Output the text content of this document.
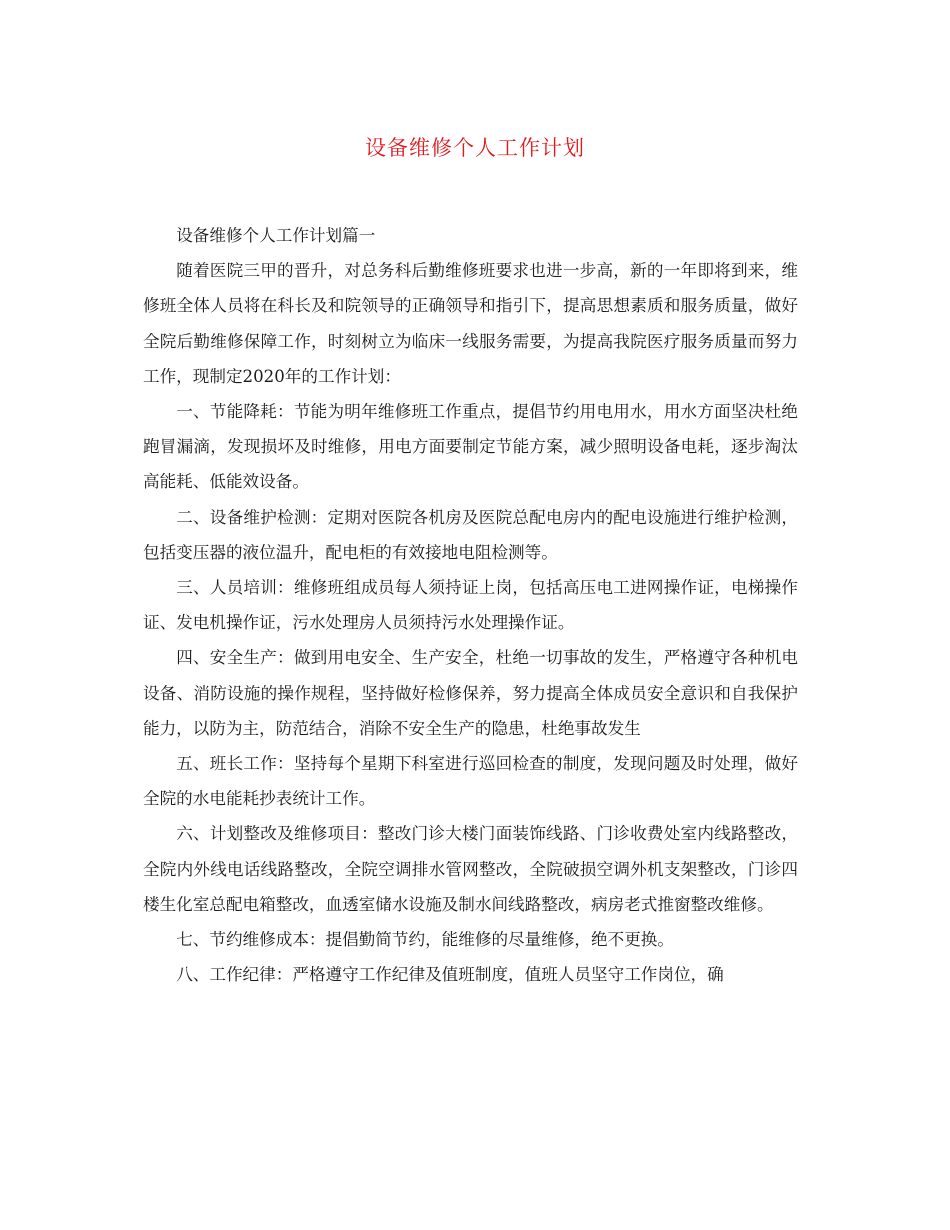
设备维修个人工作计划

设备维修个人工作计划篇一

随着医院三甲的晋升，对总务科后勤维修班要求也进一步高，新的一年即将到来，维修班全体人员将在科长及和院领导的正确领导和指引下，提高思想素质和服务质量，做好全院后勤维修保障工作，时刻树立为临床一线服务需要，为提高我院医疗服务质量而努力工作，现制定2020年的工作计划：

一、节能降耗：节能为明年维修班工作重点，提倡节约用电用水，用水方面坚决杜绝跑冒漏滴，发现损坏及时维修，用电方面要制定节能方案，减少照明设备电耗，逐步淘汰高能耗、低能效设备。

二、设备维护检测：定期对医院各机房及医院总配电房内的配电设施进行维护检测，包括变压器的液位温升，配电柜的有效接地电阻检测等。

三、人员培训：维修班组成员每人须持证上岗，包括高压电工进网操作证，电梯操作证、发电机操作证，污水处理房人员须持污水处理操作证。

四、安全生产：做到用电安全、生产安全，杜绝一切事故的发生，严格遵守各种机电设备、消防设施的操作规程，坚持做好检修保养，努力提高全体成员安全意识和自我保护能力，以防为主，防范结合，消除不安全生产的隐患，杜绝事故发生

五、班长工作：坚持每个星期下科室进行巡回检查的制度，发现问题及时处理，做好全院的水电能耗抄表统计工作。

六、计划整改及维修项目：整改门诊大楼门面装饰线路、门诊收费处室内线路整改，全院内外线电话线路整改，全院空调排水管网整改，全院破损空调外机支架整改，门诊四楼生化室总配电箱整改，血透室储水设施及制水间线路整改，病房老式推窗整改维修。

七、节约维修成本：提倡勤简节约，能维修的尽量维修，绝不更换。

八、工作纪律：严格遵守工作纪律及值班制度，值班人员坚守工作岗位，确
